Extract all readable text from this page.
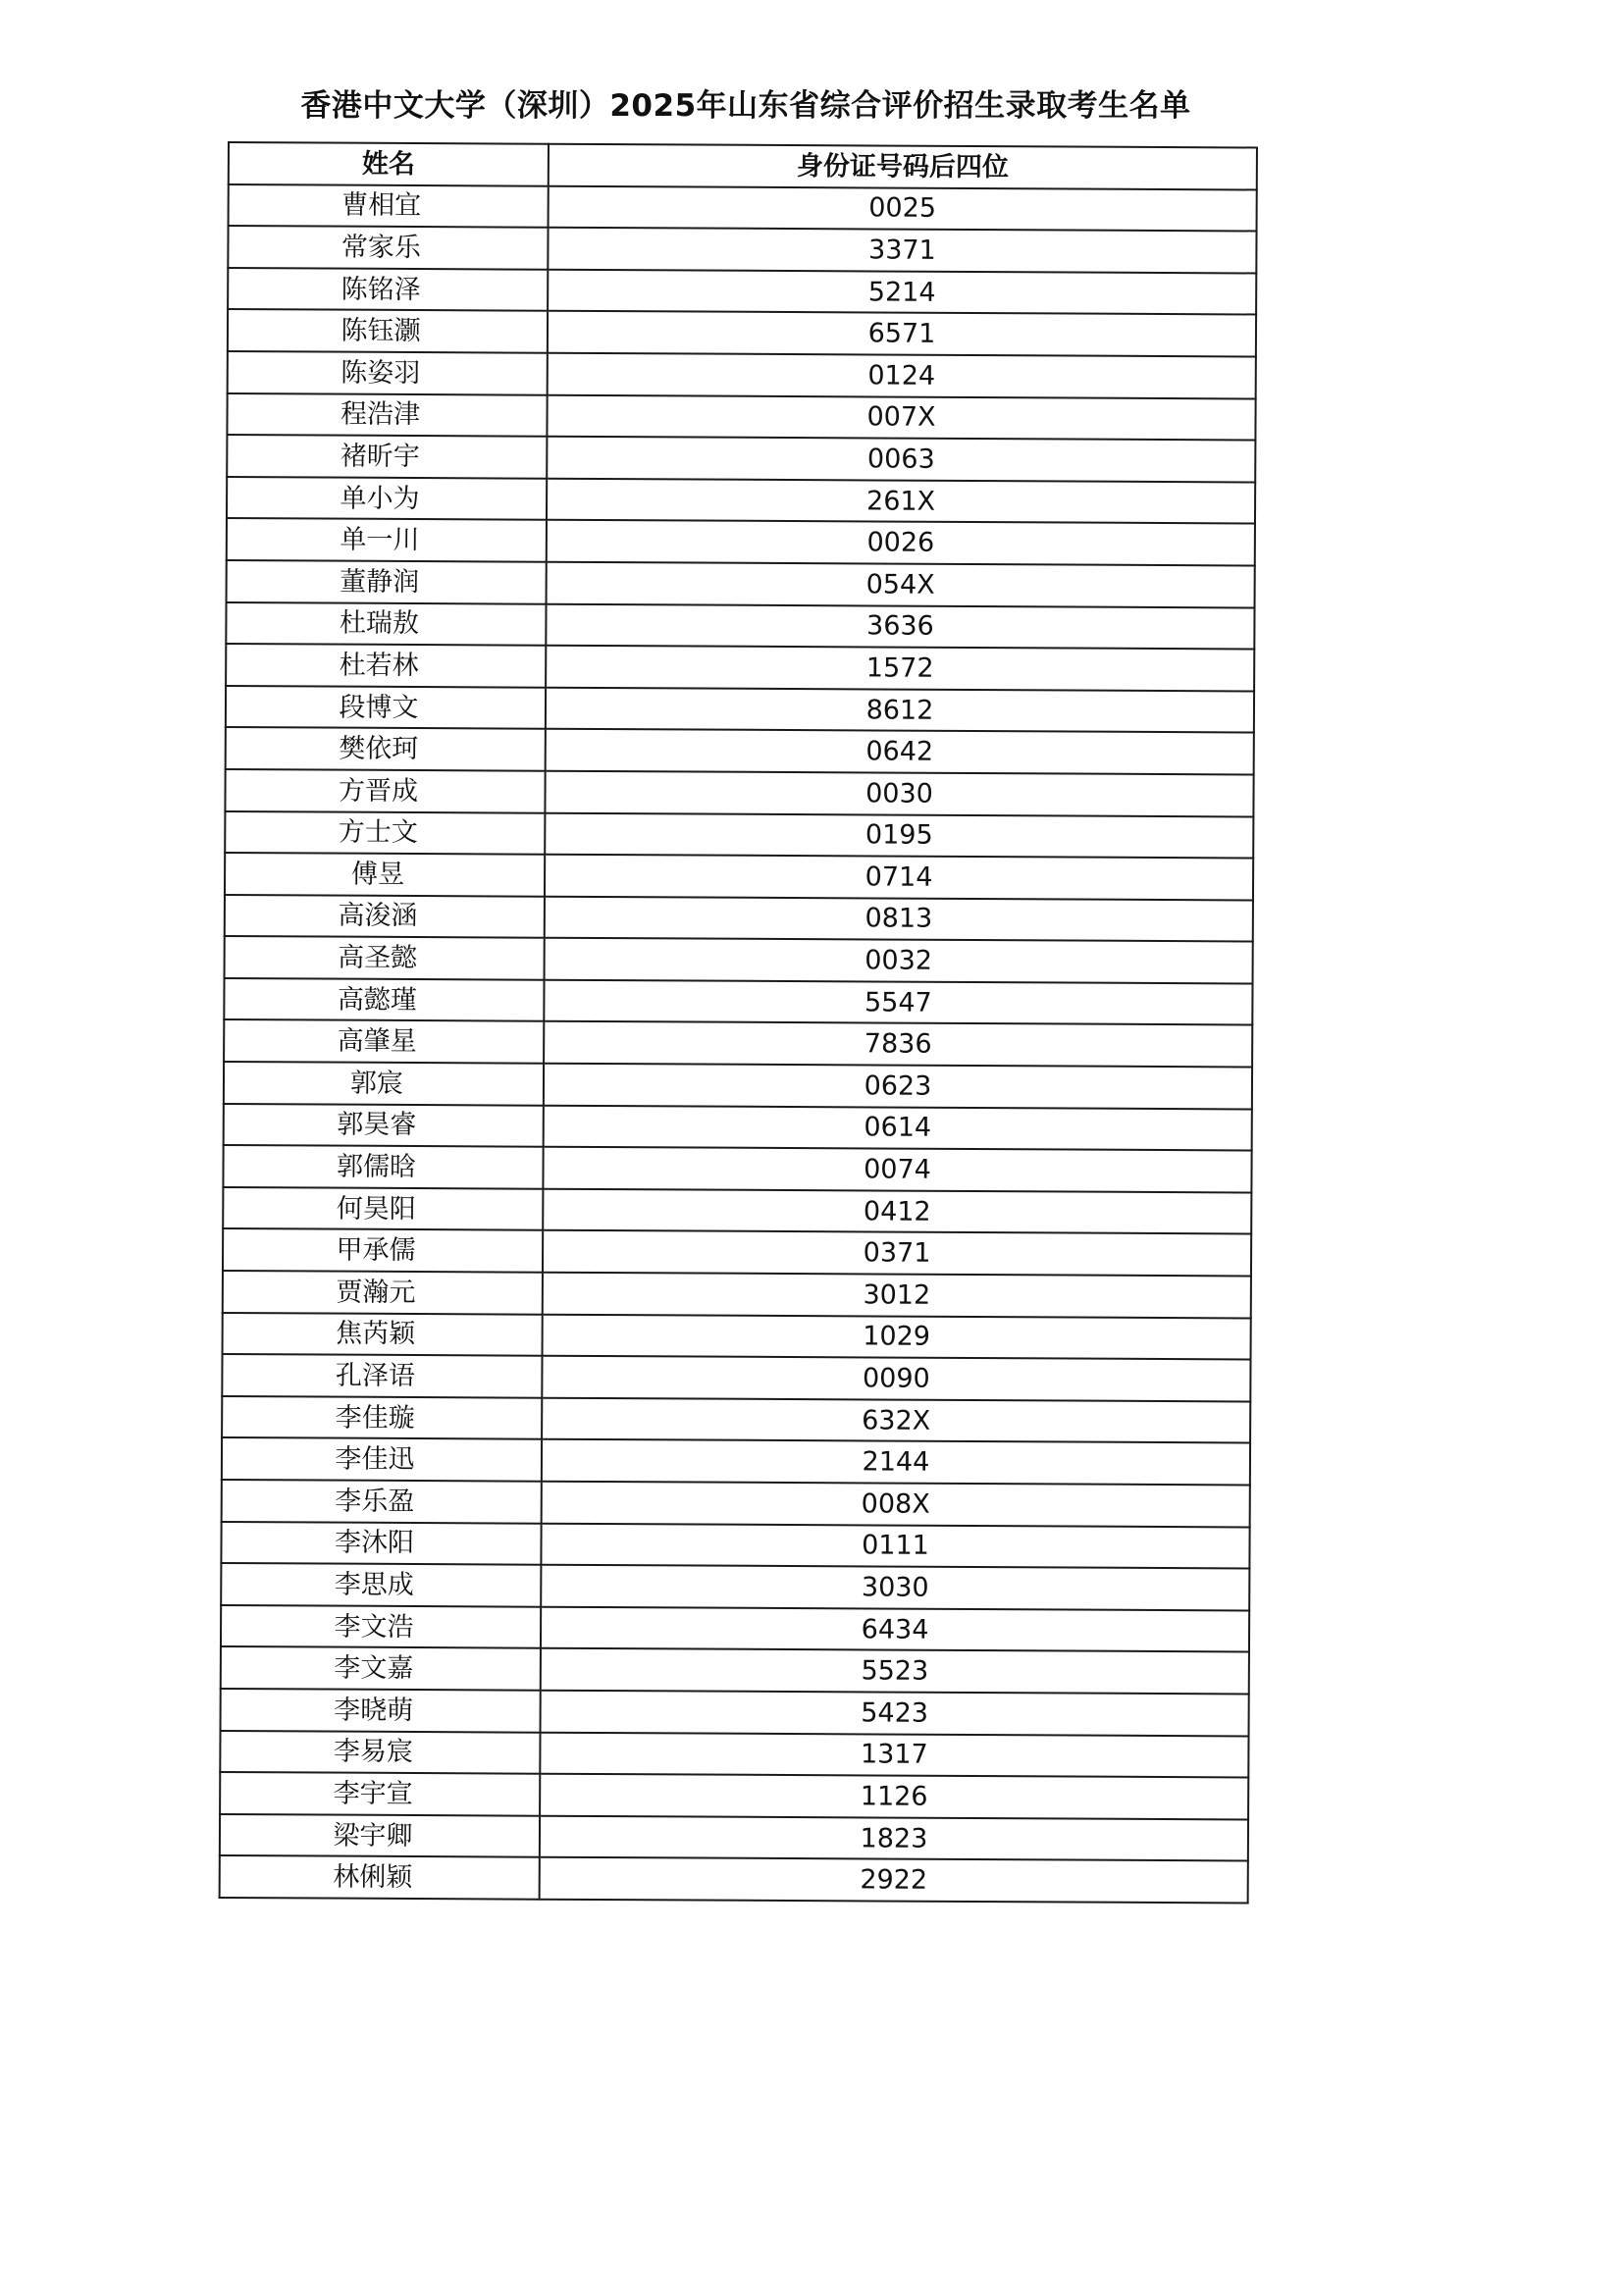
香港中文大学（深圳）2025年山东省综合评价招生录取考生名单
姓名	身份证号码后四位
曹相宜	0025
常家乐	3371
陈铭泽	5214
陈钰灏	6571
陈姿羽	0124
程浩津	007X
褚昕宇	0063
单小为	261X
单一川	0026
董静润	054X
杜瑞敖	3636
杜若林	1572
段博文	8612
樊依珂	0642
方晋成	0030
方士文	0195
傅昱	0714
高浚涵	0813
高圣懿	0032
高懿瑾	5547
高肇星	7836
郭宸	0623
郭昊睿	0614
郭儒晗	0074
何昊阳	0412
甲承儒	0371
贾瀚元	3012
焦芮颖	1029
孔泽语	0090
李佳璇	632X
李佳迅	2144
李乐盈	008X
李沐阳	0111
李思成	3030
李文浩	6434
李文嘉	5523
李晓萌	5423
李易宸	1317
李宇宣	1126
梁宇卿	1823
林俐颖	2922
